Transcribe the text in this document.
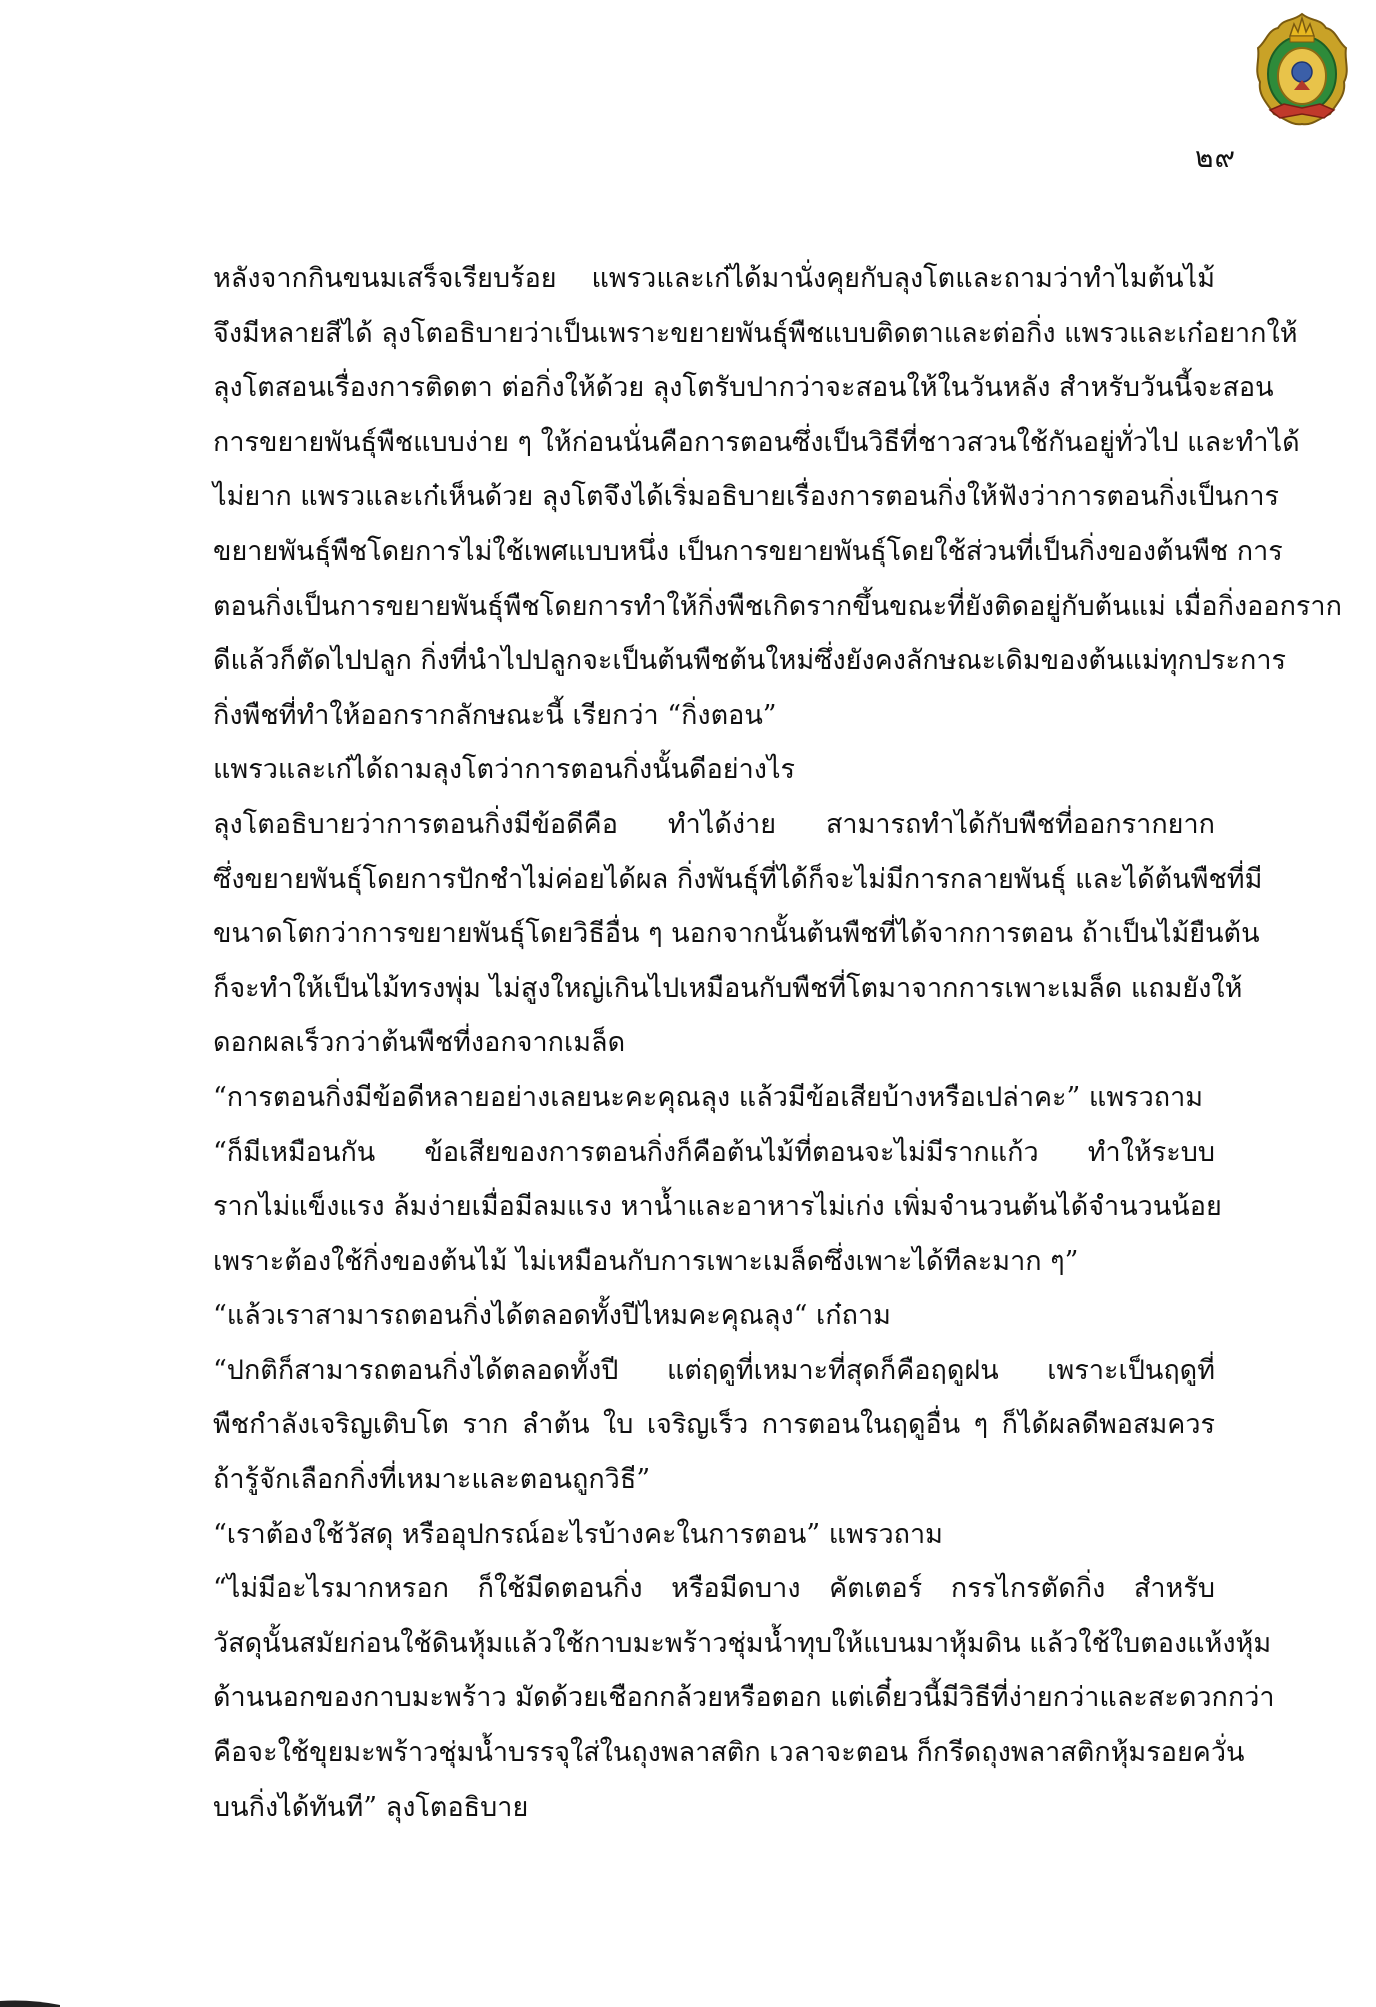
๒๙

หลังจากกินขนมเสร็จเรียบร้อย แพรวและเก๋ได้มานั่งคุยกับลุงโตและถามว่าทำไมต้นไม้
จึงมีหลายสีได้ ลุงโตอธิบายว่าเป็นเพราะขยายพันธุ์พืชแบบติดตาและต่อกิ่ง แพรวและเก๋อยากให้
ลุงโตสอนเรื่องการติดตา ต่อกิ่งให้ด้วย ลุงโตรับปากว่าจะสอนให้ในวันหลัง สำหรับวันนี้จะสอน
การขยายพันธุ์พืชแบบง่าย ๆ ให้ก่อนนั่นคือการตอนซึ่งเป็นวิธีที่ชาวสวนใช้กันอยู่ทั่วไป และทำได้
ไม่ยาก แพรวและเก๋เห็นด้วย ลุงโตจึงได้เริ่มอธิบายเรื่องการตอนกิ่งให้ฟังว่าการตอนกิ่งเป็นการ
ขยายพันธุ์พืชโดยการไม่ใช้เพศแบบหนึ่ง เป็นการขยายพันธุ์โดยใช้ส่วนที่เป็นกิ่งของต้นพืช การ
ตอนกิ่งเป็นการขยายพันธุ์พืชโดยการทำให้กิ่งพืชเกิดรากขึ้นขณะที่ยังติดอยู่กับต้นแม่ เมื่อกิ่งออกราก
ดีแล้วก็ตัดไปปลูก กิ่งที่นำไปปลูกจะเป็นต้นพืชต้นใหม่ซึ่งยังคงลักษณะเดิมของต้นแม่ทุกประการ
กิ่งพืชที่ทำให้ออกรากลักษณะนี้ เรียกว่า “กิ่งตอน”

แพรวและเก๋ได้ถามลุงโตว่าการตอนกิ่งนั้นดีอย่างไร

ลุงโตอธิบายว่าการตอนกิ่งมีข้อดีคือ ทำได้ง่าย สามารถทำได้กับพืชที่ออกรากยาก
ซึ่งขยายพันธุ์โดยการปักชำไม่ค่อยได้ผล กิ่งพันธุ์ที่ได้ก็จะไม่มีการกลายพันธุ์ และได้ต้นพืชที่มี
ขนาดโตกว่าการขยายพันธุ์โดยวิธีอื่น ๆ นอกจากนั้นต้นพืชที่ได้จากการตอน ถ้าเป็นไม้ยืนต้น
ก็จะทำให้เป็นไม้ทรงพุ่ม ไม่สูงใหญ่เกินไปเหมือนกับพืชที่โตมาจากการเพาะเมล็ด แถมยังให้
ดอกผลเร็วกว่าต้นพืชที่งอกจากเมล็ด

“การตอนกิ่งมีข้อดีหลายอย่างเลยนะคะคุณลุง แล้วมีข้อเสียบ้างหรือเปล่าคะ” แพรวถาม

“ก็มีเหมือนกัน ข้อเสียของการตอนกิ่งก็คือต้นไม้ที่ตอนจะไม่มีรากแก้ว ทำให้ระบบ
รากไม่แข็งแรง ล้มง่ายเมื่อมีลมแรง หาน้ำและอาหารไม่เก่ง เพิ่มจำนวนต้นได้จำนวนน้อย
เพราะต้องใช้กิ่งของต้นไม้ ไม่เหมือนกับการเพาะเมล็ดซึ่งเพาะได้ทีละมาก ๆ”

“แล้วเราสามารถตอนกิ่งได้ตลอดทั้งปีไหมคะคุณลุง“ เก๋ถาม

“ปกติก็สามารถตอนกิ่งได้ตลอดทั้งปี แต่ฤดูที่เหมาะที่สุดก็คือฤดูฝน เพราะเป็นฤดูที่
พืชกำลังเจริญเติบโต ราก ลำต้น ใบ เจริญเร็ว การตอนในฤดูอื่น ๆ ก็ได้ผลดีพอสมควร
ถ้ารู้จักเลือกกิ่งที่เหมาะและตอนถูกวิธี”

“เราต้องใช้วัสดุ หรืออุปกรณ์อะไรบ้างคะในการตอน” แพรวถาม

“ไม่มีอะไรมากหรอก ก็ใช้มีดตอนกิ่ง หรือมีดบาง คัตเตอร์ กรรไกรตัดกิ่ง สำหรับ
วัสดุนั้นสมัยก่อนใช้ดินหุ้มแล้วใช้กาบมะพร้าวชุ่มน้ำทุบให้แบนมาหุ้มดิน แล้วใช้ใบตองแห้งหุ้ม
ด้านนอกของกาบมะพร้าว มัดด้วยเชือกกล้วยหรือตอก แต่เดี๋ยวนี้มีวิธีที่ง่ายกว่าและสะดวกกว่า
คือจะใช้ขุยมะพร้าวชุ่มน้ำบรรจุใส่ในถุงพลาสติก เวลาจะตอน ก็กรีดถุงพลาสติกหุ้มรอยควั่น
บนกิ่งได้ทันที” ลุงโตอธิบาย
